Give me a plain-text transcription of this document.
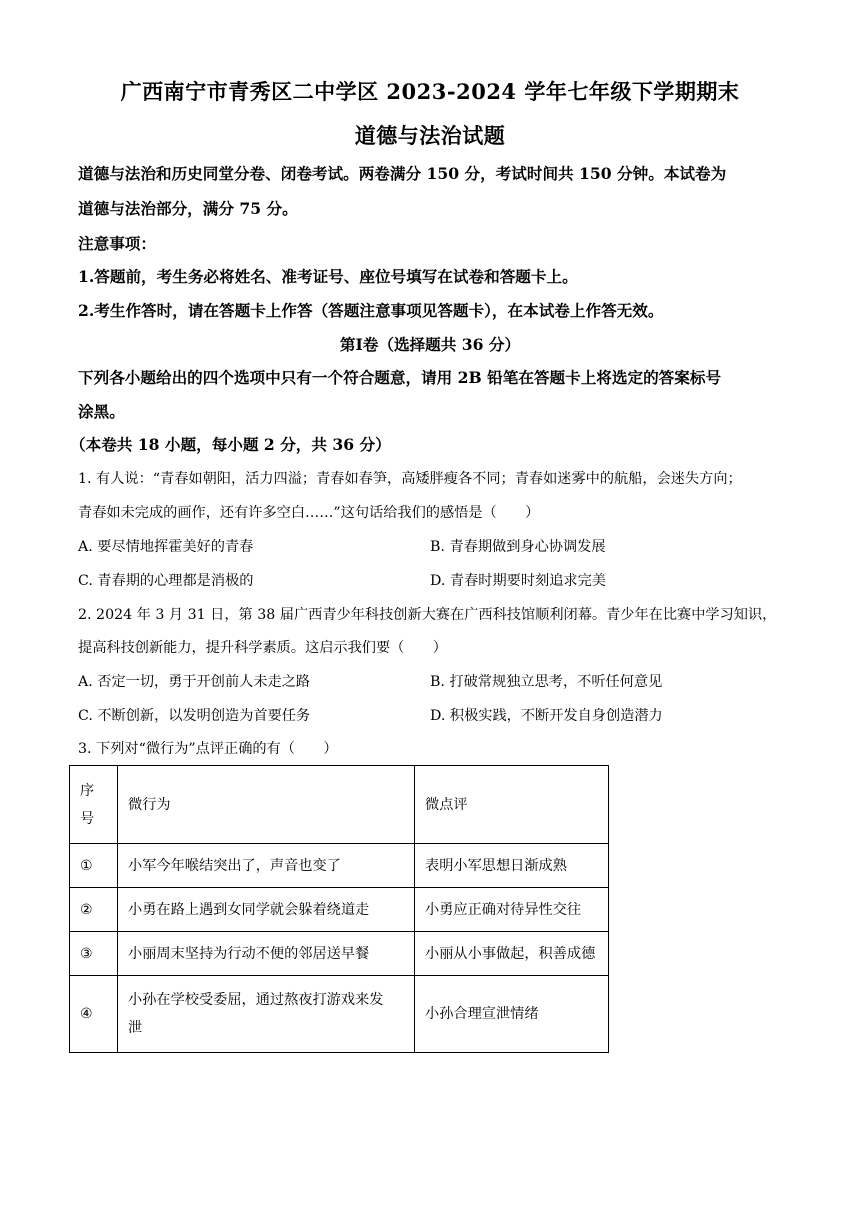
广西南宁市青秀区二中学区 2023-2024 学年七年级下学期期末
道德与法治试题
道德与法治和历史同堂分卷、闭卷考试。两卷满分 150 分，考试时间共 150 分钟。本试卷为
道德与法治部分，满分 75 分。
注意事项：
1.答题前，考生务必将姓名、准考证号、座位号填写在试卷和答题卡上。
2.考生作答时，请在答题卡上作答（答题注意事项见答题卡），在本试卷上作答无效。
第Ⅰ卷（选择题共 36 分）
下列各小题给出的四个选项中只有一个符合题意，请用 2B 铅笔在答题卡上将选定的答案标号
涂黑。
（本卷共 18 小题，每小题 2 分，共 36 分）
1. 有人说：“青春如朝阳，活力四溢；青春如春笋，高矮胖瘦各不同；青春如迷雾中的航船，会迷失方向；
青春如未完成的画作，还有许多空白……”这句话给我们的感悟是（　　）
A. 要尽情地挥霍美好的青春	B. 青春期做到身心协调发展
C. 青春期的心理都是消极的	D. 青春时期要时刻追求完美
2. 2024 年 3 月 31 日，第 38 届广西青少年科技创新大赛在广西科技馆顺利闭幕。青少年在比赛中学习知识，
提高科技创新能力，提升科学素质。这启示我们要（　　）
A. 否定一切，勇于开创前人未走之路	B. 打破常规独立思考，不听任何意见
C. 不断创新，以发明创造为首要任务	D. 积极实践，不断开发自身创造潜力
3. 下列对“微行为”点评正确的有（　　）
序
号	微行为	微点评
①	小军今年喉结突出了，声音也变了	表明小军思想日渐成熟
②	小勇在路上遇到女同学就会躲着绕道走	小勇应正确对待异性交往
③	小丽周末坚持为行动不便的邻居送早餐	小丽从小事做起，积善成德
④	小孙在学校受委屈，通过熬夜打游戏来发
泄	小孙合理宣泄情绪
